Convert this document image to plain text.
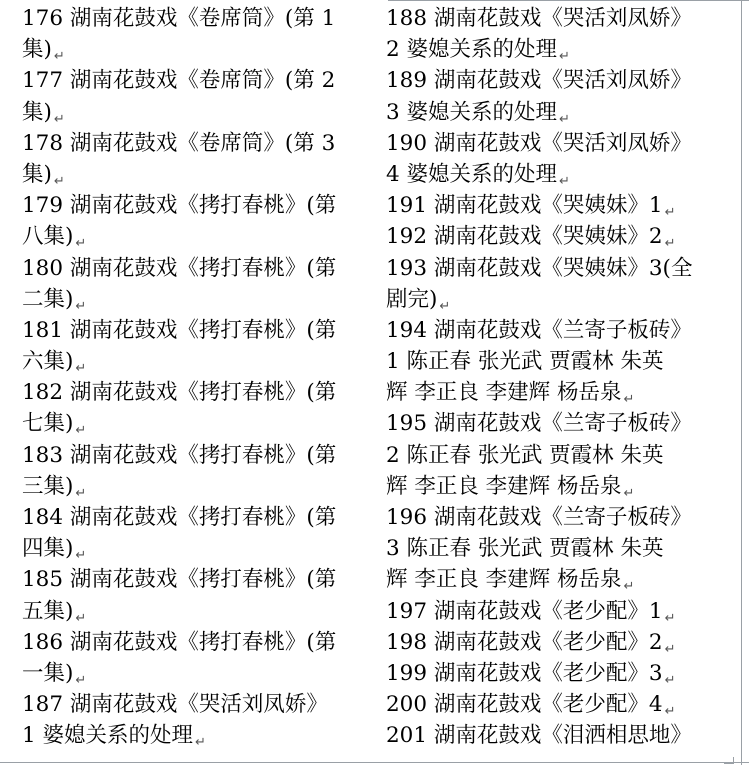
176 湖南花鼓戏《卷席筒》(第 1
集) ↵
177 湖南花鼓戏《卷席筒》(第 2
集) ↵
178 湖南花鼓戏《卷席筒》(第 3
集) ↵
179 湖南花鼓戏《拷打春桃》(第
八集) ↵
180 湖南花鼓戏《拷打春桃》(第
二集) ↵
181 湖南花鼓戏《拷打春桃》(第
六集) ↵
182 湖南花鼓戏《拷打春桃》(第
七集) ↵
183 湖南花鼓戏《拷打春桃》(第
三集) ↵
184 湖南花鼓戏《拷打春桃》(第
四集) ↵
185 湖南花鼓戏《拷打春桃》(第
五集) ↵
186 湖南花鼓戏《拷打春桃》(第
一集) ↵
187 湖南花鼓戏《哭活刘凤娇》
1 婆媳关系的处理 ↵
188 湖南花鼓戏《哭活刘凤娇》
2 婆媳关系的处理 ↵
189 湖南花鼓戏《哭活刘凤娇》
3 婆媳关系的处理 ↵
190 湖南花鼓戏《哭活刘凤娇》
4 婆媳关系的处理 ↵
191 湖南花鼓戏《哭姨妹》1 ↵
192 湖南花鼓戏《哭姨妹》2 ↵
193 湖南花鼓戏《哭姨妹》3(全
剧完) ↵
194 湖南花鼓戏《兰寄子板砖》
1 陈正春 张光武 贾霞林 朱英
辉 李正良 李建辉 杨岳泉 ↵
195 湖南花鼓戏《兰寄子板砖》
2 陈正春 张光武 贾霞林 朱英
辉 李正良 李建辉 杨岳泉 ↵
196 湖南花鼓戏《兰寄子板砖》
3 陈正春 张光武 贾霞林 朱英
辉 李正良 李建辉 杨岳泉 ↵
197 湖南花鼓戏《老少配》1 ↵
198 湖南花鼓戏《老少配》2 ↵
199 湖南花鼓戏《老少配》3 ↵
200 湖南花鼓戏《老少配》4 ↵
201 湖南花鼓戏《泪洒相思地》
